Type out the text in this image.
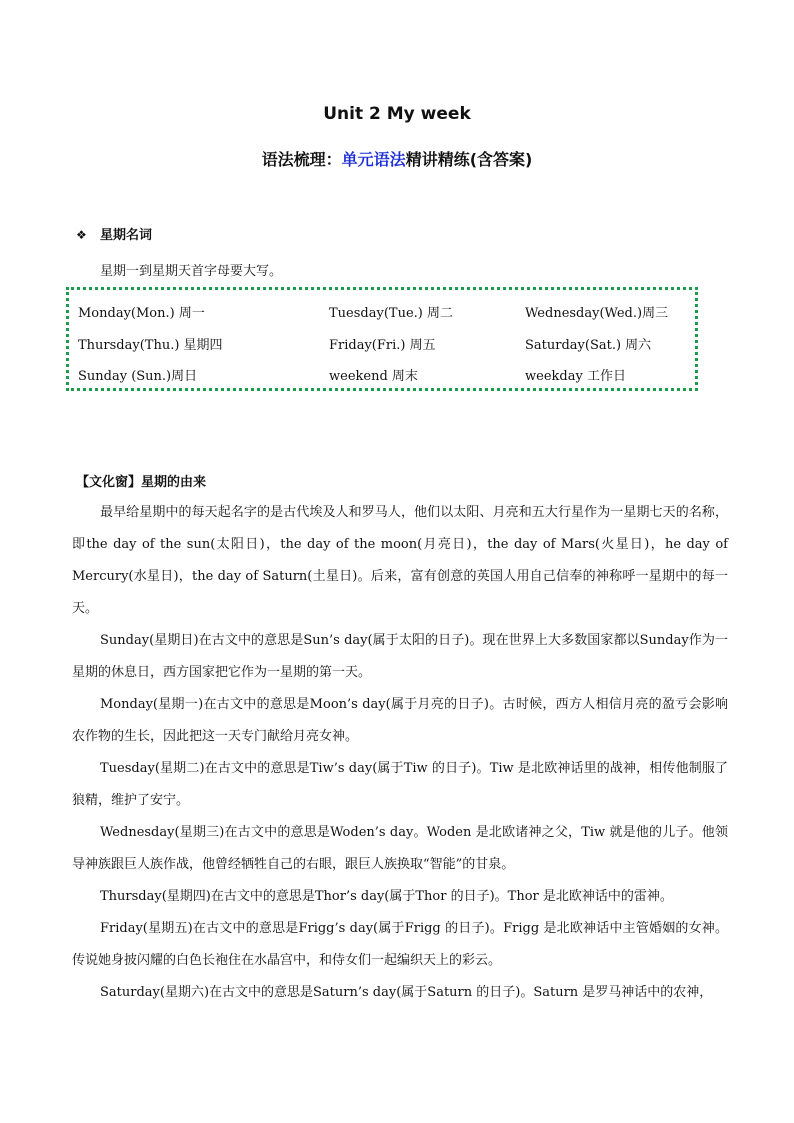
Unit 2 My week
语法梳理：单元语法精讲精练(含答案)
❖ 星期名词
星期一到星期天首字母要大写。
Monday(Mon.) 周一	Tuesday(Tue.) 周二	Wednesday(Wed.)周三
Thursday(Thu.) 星期四	Friday(Fri.) 周五	Saturday(Sat.) 周六
Sunday (Sun.)周日	weekend 周末	weekday 工作日
【文化窗】星期的由来

最早给星期中的每天起名字的是古代埃及人和罗马人，他们以太阳、月亮和五大行星作为一星期七天的名称，即the day of the sun(太阳日)，the day of the moon(月亮日)，the day of Mars(火星日)，he day of Mercury(水星日)，the day of Saturn(土星日)。后来，富有创意的英国人用自己信奉的神称呼一星期中的每一天。

Sunday(星期日)在古文中的意思是Sun’s day(属于太阳的日子)。现在世界上大多数国家都以Sunday作为一星期的休息日，西方国家把它作为一星期的第一天。

Monday(星期一)在古文中的意思是Moon’s day(属于月亮的日子)。古时候，西方人相信月亮的盈亏会影响农作物的生长，因此把这一天专门献给月亮女神。

Tuesday(星期二)在古文中的意思是Tiw’s day(属于Tiw 的日子)。Tiw 是北欧神话里的战神，相传他制服了狼精，维护了安宁。

Wednesday(星期三)在古文中的意思是Woden’s day。Woden 是北欧诸神之父，Tiw 就是他的儿子。他领导神族跟巨人族作战，他曾经牺牲自己的右眼，跟巨人族换取“智能”的甘泉。

Thursday(星期四)在古文中的意思是Thor’s day(属于Thor 的日子)。Thor 是北欧神话中的雷神。

Friday(星期五)在古文中的意思是Frigg’s day(属于Frigg 的日子)。Frigg 是北欧神话中主管婚姻的女神。传说她身披闪耀的白色长袍住在水晶宫中，和侍女们一起编织天上的彩云。

Saturday(星期六)在古文中的意思是Saturn’s day(属于Saturn 的日子)。Saturn 是罗马神话中的农神，
